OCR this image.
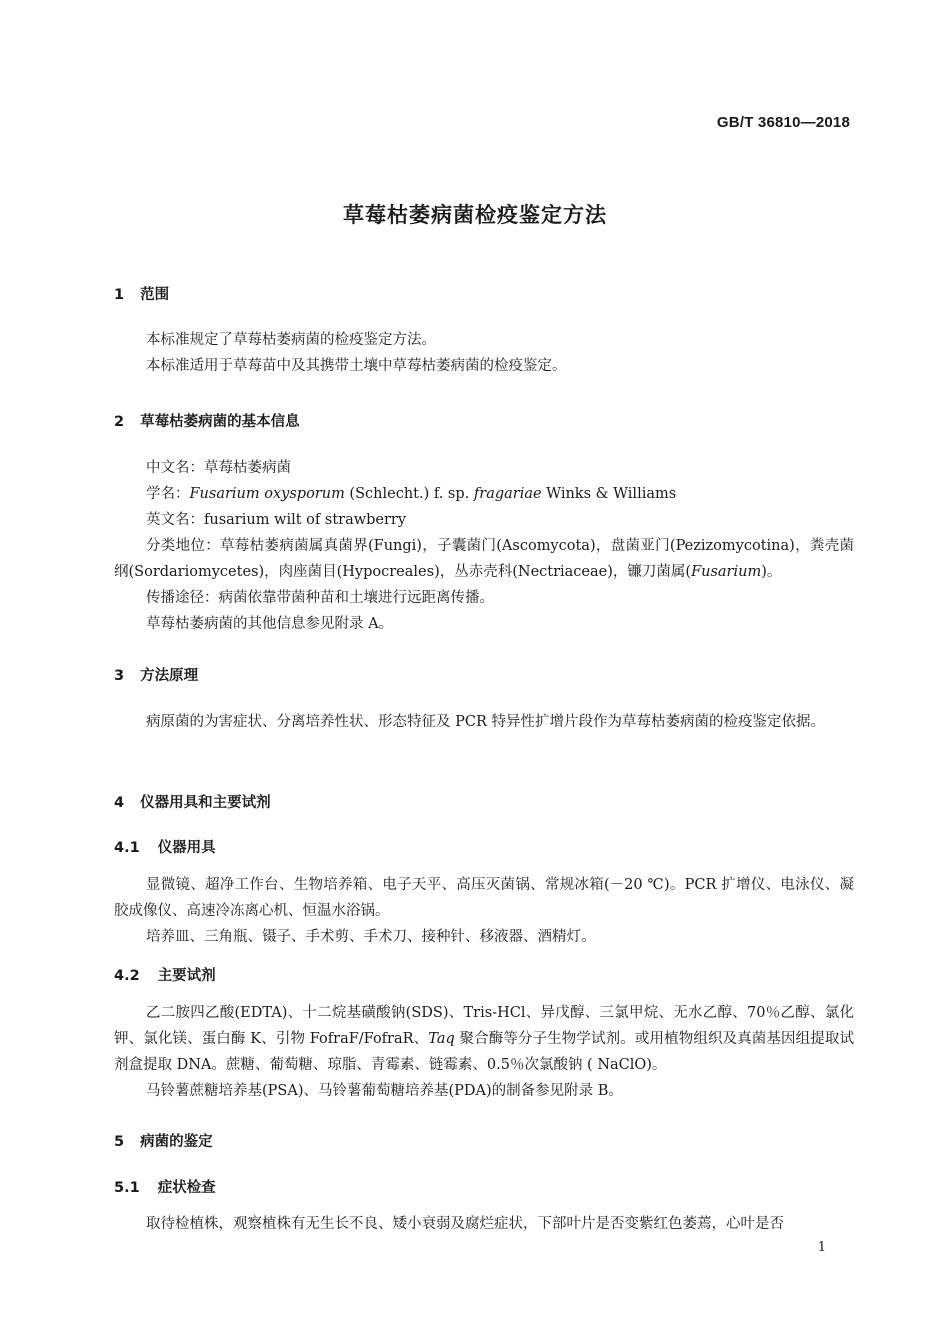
GB/T 36810—2018
草莓枯萎病菌检疫鉴定方法
1 范围

本标准规定了草莓枯萎病菌的检疫鉴定方法。

本标准适用于草莓苗中及其携带土壤中草莓枯萎病菌的检疫鉴定。

2 草莓枯萎病菌的基本信息

中文名：草莓枯萎病菌

学名：Fusarium oxysporum (Schlecht.) f. sp. fragariae Winks & Williams

英文名：fusarium wilt of strawberry

分类地位：草莓枯萎病菌属真菌界(Fungi)，子囊菌门(Ascomycota)，盘菌亚门(Pezizomycotina)，粪壳菌纲(Sordariomycetes)，肉座菌目(Hypocreales)，丛赤壳科(Nectriaceae)，镰刀菌属(Fusarium)。

传播途径：病菌依靠带菌种苗和土壤进行远距离传播。

草莓枯萎病菌的其他信息参见附录 A。

3 方法原理

病原菌的为害症状、分离培养性状、形态特征及 PCR 特异性扩增片段作为草莓枯萎病菌的检疫鉴定依据。

4 仪器用具和主要试剂
4.1 仪器用具

显微镜、超净工作台、生物培养箱、电子天平、高压灭菌锅、常规冰箱(－20 ℃)。PCR 扩增仪、电泳仪、凝胶成像仪、高速冷冻离心机、恒温水浴锅。

培养皿、三角瓶、镊子、手术剪、手术刀、接种针、移液器、酒精灯。

4.2 主要试剂

乙二胺四乙酸(EDTA)、十二烷基磺酸钠(SDS)、Tris-HCl、异戊醇、三氯甲烷、无水乙醇、70％乙醇、氯化钾、氯化镁、蛋白酶 K、引物 FofraF/FofraR、Taq 聚合酶等分子生物学试剂。或用植物组织及真菌基因组提取试剂盒提取 DNA。蔗糖、葡萄糖、琼脂、青霉素、链霉素、0.5％次氯酸钠 ( NaClO)。

马铃薯蔗糖培养基(PSA)、马铃薯葡萄糖培养基(PDA)的制备参见附录 B。

5 病菌的鉴定
5.1 症状检查

取待检植株，观察植株有无生长不良、矮小衰弱及腐烂症状，下部叶片是否变紫红色萎蔫，心叶是否

1
